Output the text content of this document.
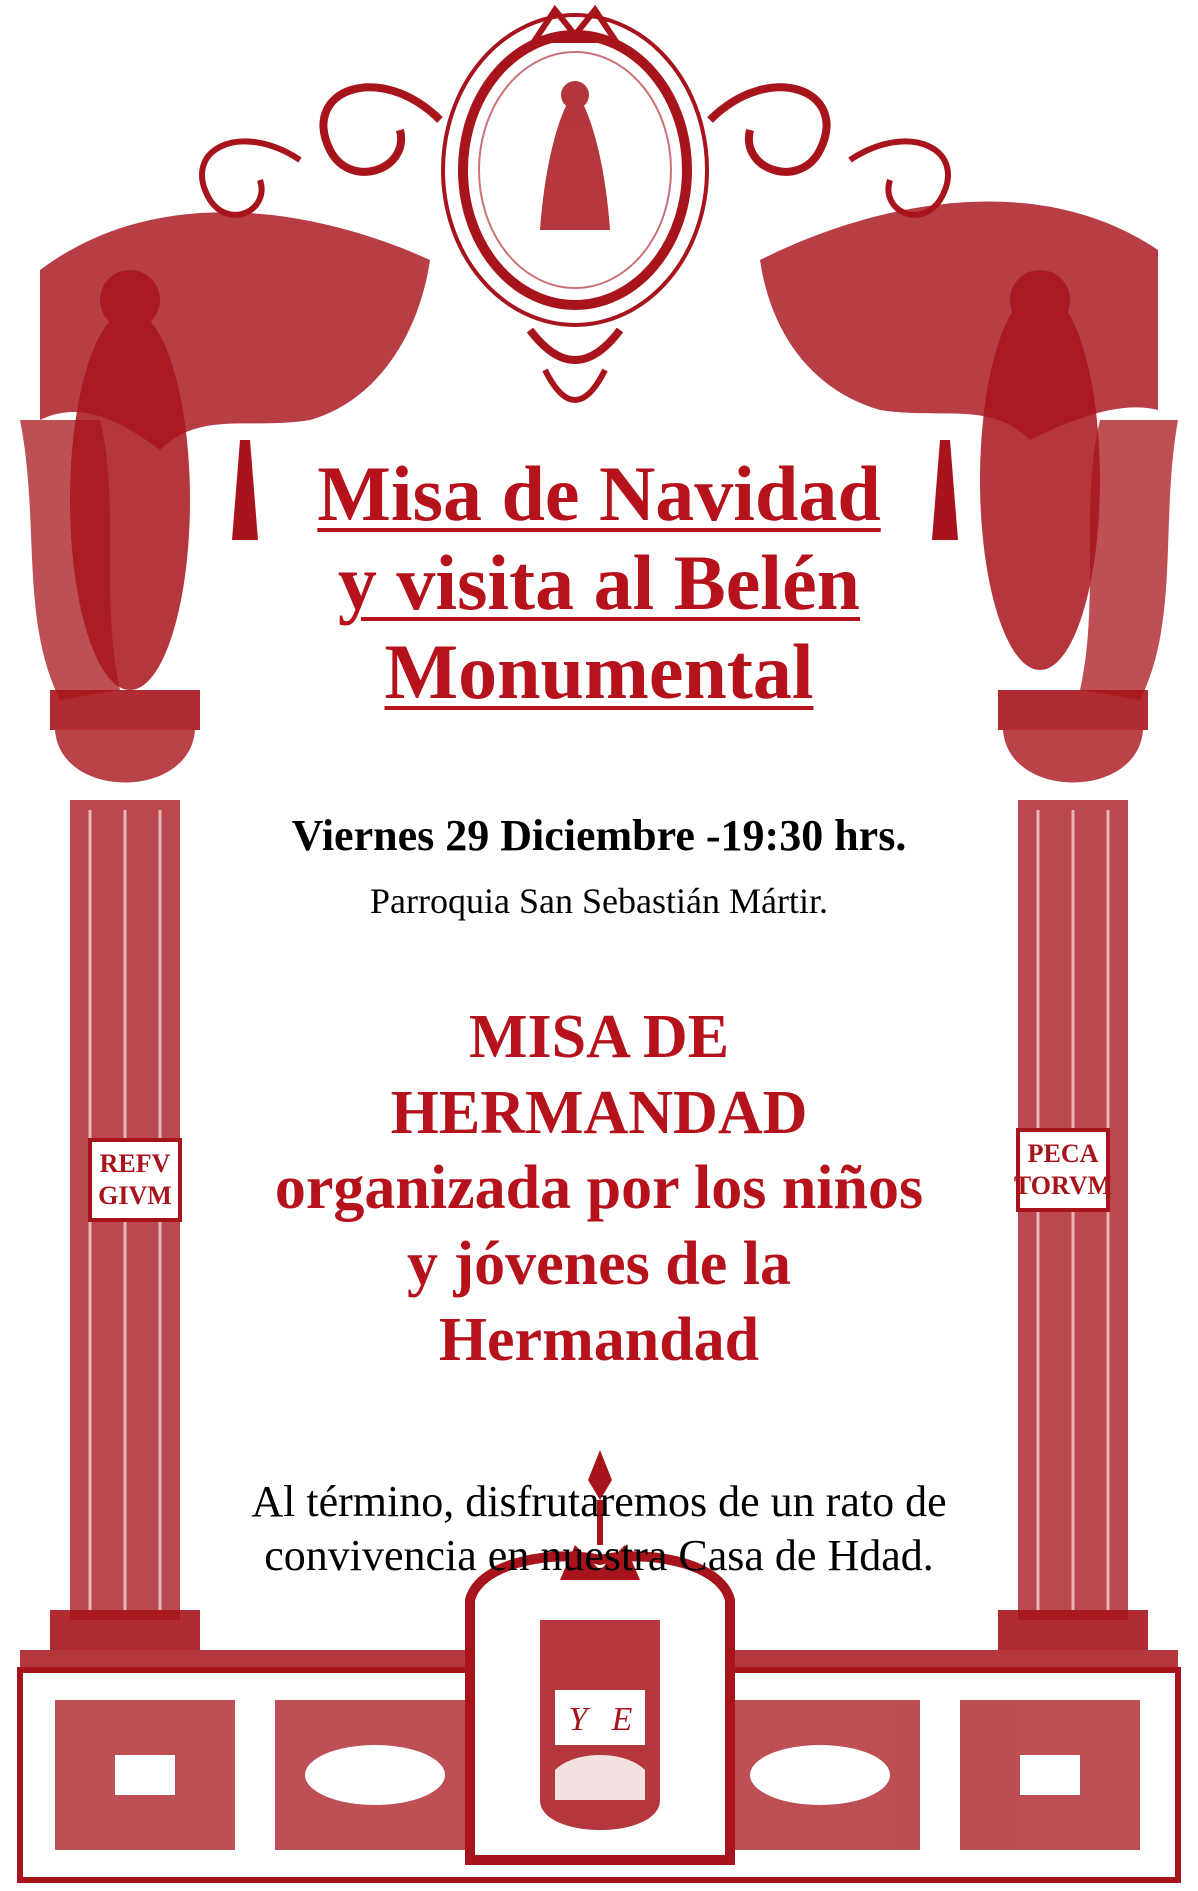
REFV
GIVM
PECA
TORVM
Y E
Misa de Navidad
y visita al Belén
Monumental
Viernes 29 Diciembre -19:30 hrs.
Parroquia San Sebastián Mártir.
MISA DE
HERMANDAD
organizada por los niños
y jóvenes de la
Hermandad
Al término, disfrutaremos de un rato de
convivencia en nuestra Casa de Hdad.
